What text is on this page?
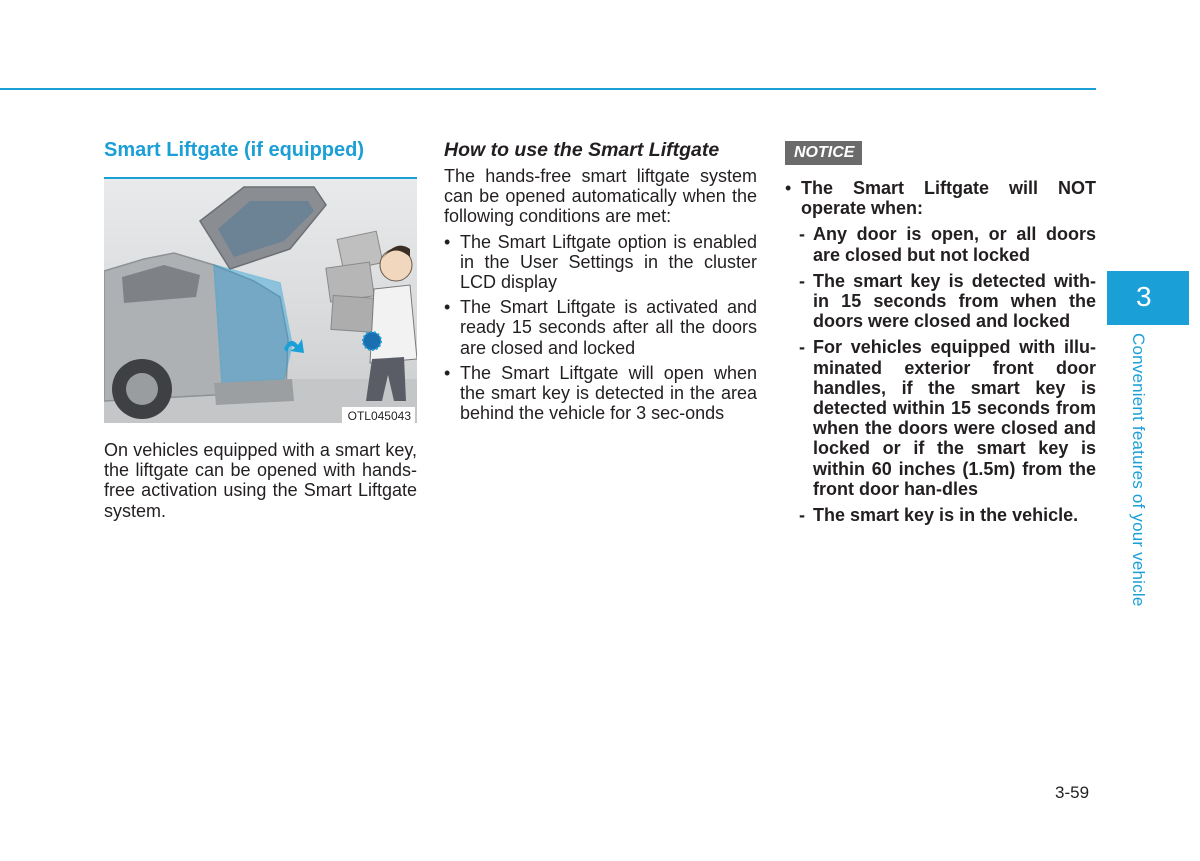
Smart Liftgate (if equipped)
OTL045043

On vehicles equipped with a smart key, the liftgate can be opened with hands-free activation using the Smart Liftgate system.

How to use the Smart Liftgate

The hands-free smart liftgate system can be opened automatically when the following conditions are met:

• The Smart Liftgate option is enabled in the User Settings in the cluster LCD display
• The Smart Liftgate is activated and ready 15 seconds after all the doors are closed and locked
• The Smart Liftgate will open when the smart key is detected in the area behind the vehicle for 3 sec-onds
NOTICE
• The Smart Liftgate will NOT operate when:
- Any door is open, or all doors are closed but not locked
- The smart key is detected with-in 15 seconds from when the doors were closed and locked
- For vehicles equipped with illu-minated exterior front door handles, if the smart key is detected within 15 seconds from when the doors were closed and locked or if the smart key is within 60 inches (1.5m) from the front door han-dles
- The smart key is in the vehicle.
3
Convenient features of your vehicle
3-59
